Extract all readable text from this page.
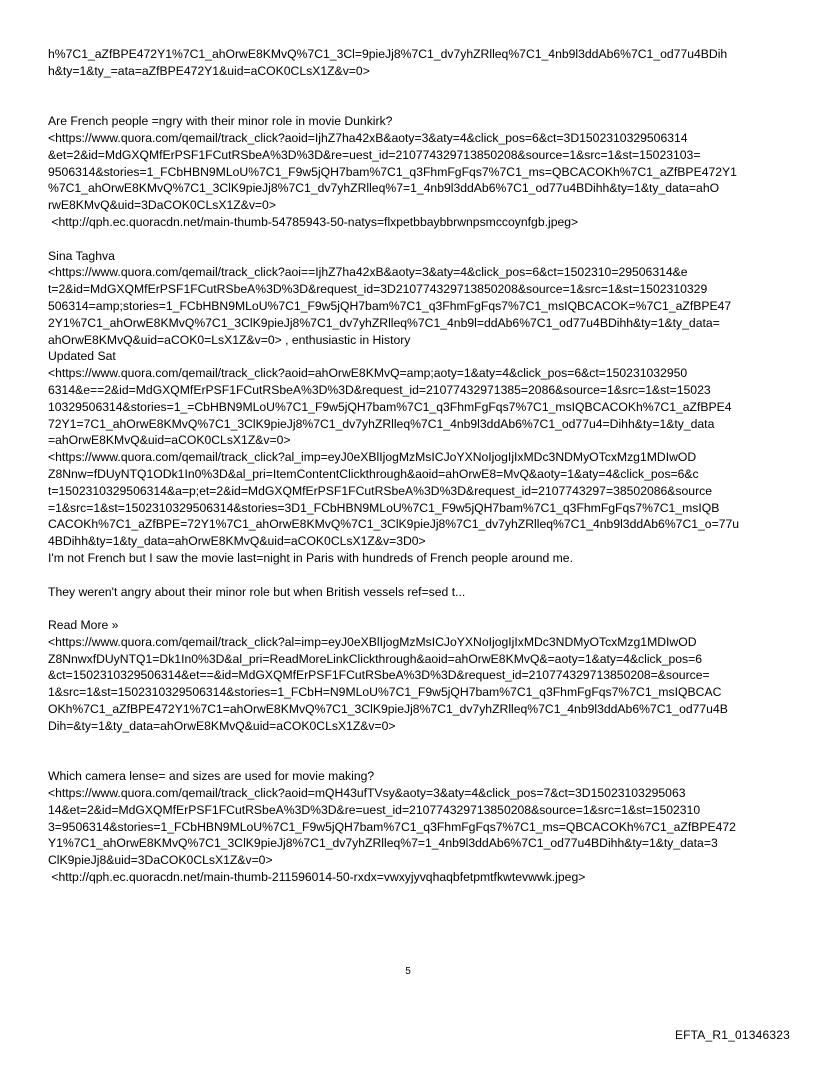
h%7C1_aZfBPE472Y1%7C1_ahOrwE8KMvQ%7C1_3Cl=9pieJj8%7C1_dv7yhZRlleq%7C1_4nb9l3ddAb6%7C1_od77u4BDih
h&ty=1&ty_=ata=aZfBPE472Y1&uid=aCOK0CLsX1Z&v=0>
Are French people =ngry with their minor role in movie Dunkirk?
<https://www.quora.com/qemail/track_click?aoid=IjhZ7ha42xB&aoty=3&aty=4&click_pos=6&ct=3D1502310329506314
&et=2&id=MdGXQMfErPSF1FCutRSbeA%3D%3D&re=uest_id=210774329713850208&source=1&src=1&st=15023103=
9506314&stories=1_FCbHBN9MLoU%7C1_F9w5jQH7bam%7C1_q3FhmFgFqs7%7C1_ms=QBCACOKh%7C1_aZfBPE472Y1
%7C1_ahOrwE8KMvQ%7C1_3ClK9pieJj8%7C1_dv7yhZRlleq%7=1_4nb9l3ddAb6%7C1_od77u4BDihh&ty=1&ty_data=ahO
rwE8KMvQ&uid=3DaCOK0CLsX1Z&v=0>
<http://qph.ec.quoracdn.net/main-thumb-54785943-50-natys=flxpetbbaybbrwnpsmccoynfgb.jpeg>
Sina Taghva
<https://www.quora.com/qemail/track_click?aoi==IjhZ7ha42xB&aoty=3&aty=4&click_pos=6&ct=1502310=29506314&e
t=2&id=MdGXQMfErPSF1FCutRSbeA%3D%3D&request_id=3D210774329713850208&source=1&src=1&st=1502310329
506314=amp;stories=1_FCbHBN9MLoU%7C1_F9w5jQH7bam%7C1_q3FhmFgFqs7%7C1_msIQBCACOK=%7C1_aZfBPE47
2Y1%7C1_ahOrwE8KMvQ%7C1_3ClK9pieJj8%7C1_dv7yhZRlleq%7C1_4nb9l=ddAb6%7C1_od77u4BDihh&ty=1&ty_data=
ahOrwE8KMvQ&uid=aCOK0=LsX1Z&v=0> , enthusiastic in History
Updated Sat
<https://www.quora.com/qemail/track_click?aoid=ahOrwE8KMvQ=amp;aoty=1&aty=4&click_pos=6&ct=150231032950
6314&e==2&id=MdGXQMfErPSF1FCutRSbeA%3D%3D&request_id=21077432971385=2086&source=1&src=1&st=15023
10329506314&stories=1_=CbHBN9MLoU%7C1_F9w5jQH7bam%7C1_q3FhmFgFqs7%7C1_msIQBCACOKh%7C1_aZfBPE4
72Y1=7C1_ahOrwE8KMvQ%7C1_3ClK9pieJj8%7C1_dv7yhZRlleq%7C1_4nb9l3ddAb6%7C1_od77u4=Dihh&ty=1&ty_data
=ahOrwE8KMvQ&uid=aCOK0CLsX1Z&v=0>
<https://www.quora.com/qemail/track_click?al_imp=eyJ0eXBlIjogMzMsICJoYXNoIjogIjIxMDc3NDMyOTcxMzg1MDIwOD
Z8Nnw=fDUyNTQ1ODk1In0%3D&al_pri=ItemContentClickthrough&aoid=ahOrwE8=MvQ&aoty=1&aty=4&click_pos=6&c
t=1502310329506314&a=p;et=2&id=MdGXQMfErPSF1FCutRSbeA%3D%3D&request_id=2107743297=38502086&source
=1&src=1&st=1502310329506314&stories=3D1_FCbHBN9MLoU%7C1_F9w5jQH7bam%7C1_q3FhmFgFqs7%7C1_msIQB
CACOKh%7C1_aZfBPE=72Y1%7C1_ahOrwE8KMvQ%7C1_3ClK9pieJj8%7C1_dv7yhZRlleq%7C1_4nb9l3ddAb6%7C1_o=77u
4BDihh&ty=1&ty_data=ahOrwE8KMvQ&uid=aCOK0CLsX1Z&v=3D0>
I'm not French but I saw the movie last=night in Paris with hundreds of French people around me.
They weren't angry about their minor role but when British vessels ref=sed t...
Read More »
<https://www.quora.com/qemail/track_click?al=imp=eyJ0eXBlIjogMzMsICJoYXNoIjogIjIxMDc3NDMyOTcxMzg1MDIwOD
Z8NnwxfDUyNTQ1=Dk1In0%3D&al_pri=ReadMoreLinkClickthrough&aoid=ahOrwE8KMvQ&=aoty=1&aty=4&click_pos=6
&ct=1502310329506314&et==&id=MdGXQMfErPSF1FCutRSbeA%3D%3D&request_id=210774329713850208=&source=
1&src=1&st=1502310329506314&stories=1_FCbH=N9MLoU%7C1_F9w5jQH7bam%7C1_q3FhmFgFqs7%7C1_msIQBCAC
OKh%7C1_aZfBPE472Y1%7C1=ahOrwE8KMvQ%7C1_3ClK9pieJj8%7C1_dv7yhZRlleq%7C1_4nb9l3ddAb6%7C1_od77u4B
Dih=&ty=1&ty_data=ahOrwE8KMvQ&uid=aCOK0CLsX1Z&v=0>
Which camera lense= and sizes are used for movie making?
<https://www.quora.com/qemail/track_click?aoid=mQH43ufTVsy&aoty=3&aty=4&click_pos=7&ct=3D15023103295063
14&et=2&id=MdGXQMfErPSF1FCutRSbeA%3D%3D&re=uest_id=210774329713850208&source=1&src=1&st=1502310
3=9506314&stories=1_FCbHBN9MLoU%7C1_F9w5jQH7bam%7C1_q3FhmFgFqs7%7C1_ms=QBCACOKh%7C1_aZfBPE472
Y1%7C1_ahOrwE8KMvQ%7C1_3ClK9pieJj8%7C1_dv7yhZRlleq%7=1_4nb9l3ddAb6%7C1_od77u4BDihh&ty=1&ty_data=3
ClK9pieJj8&uid=3DaCOK0CLsX1Z&v=0>
<http://qph.ec.quoracdn.net/main-thumb-211596014-50-rxdx=vwxyjyvqhaqbfetpmtfkwtevwwk.jpeg>
5
EFTA_R1_01346323
